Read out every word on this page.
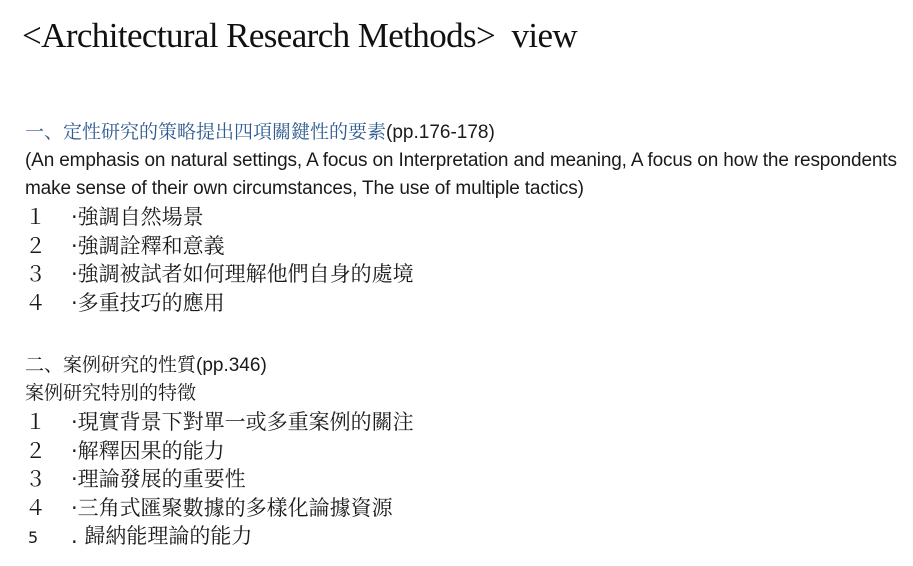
<Architectural Research Methods>  view
一、定性研究的策略提出四項關鍵性的要素(pp.176-178)
(An emphasis on natural settings, A focus on Interpretation and meaning, A focus on how the respondents make sense of their own circumstances, The use of multiple tactics)
１	·強調自然場景
２	·強調詮釋和意義
３	·強調被試者如何理解他們自身的處境
４	·多重技巧的應用
二、案例研究的性質(pp.346)
案例研究特別的特徵
１	·現實背景下對單一或多重案例的關注
２	·解釋因果的能力
３	·理論發展的重要性
４	·三角式匯聚數據的多樣化論據資源
5	. 歸納能理論的能力
